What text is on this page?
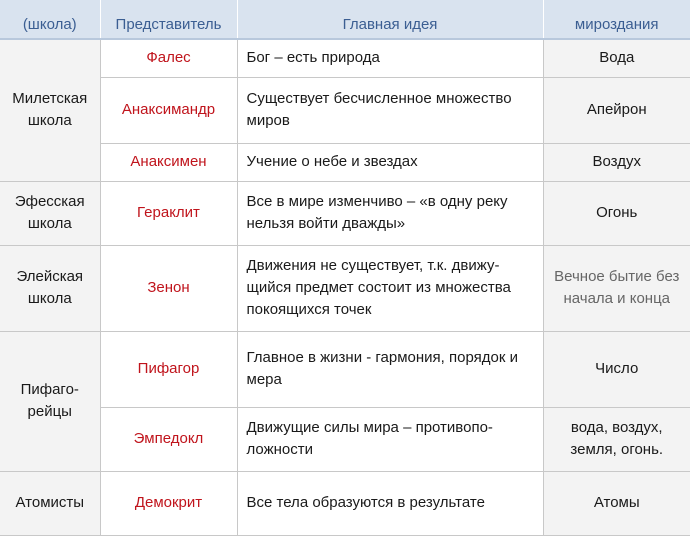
(школа)	Представитель	Главная идея	мироздания
Милетская школа	Фалес	Бог – есть природа	Вода
	Анаксимандр	Существует бесчисленное множество миров	Апейрон
	Анаксимен	Учение о небе и звездах	Воздух
Эфесская школа	Гераклит	Все в мире изменчиво – «в одну реку нельзя войти дважды»	Огонь
Элейская школа	Зенон	Движения не существует, т.к. движу-щийся предмет состоит из множества покоящихся точек	Вечное бытие без начала и конца
Пифаго-рейцы	Пифагор	Главное в жизни - гармония, порядок и мера	Число
	Эмпедокл	Движущие силы мира – противопо-ложности	вода, воздух, земля, огонь.
Атомисты	Демокрит	Все тела образуются в результате	Атомы
